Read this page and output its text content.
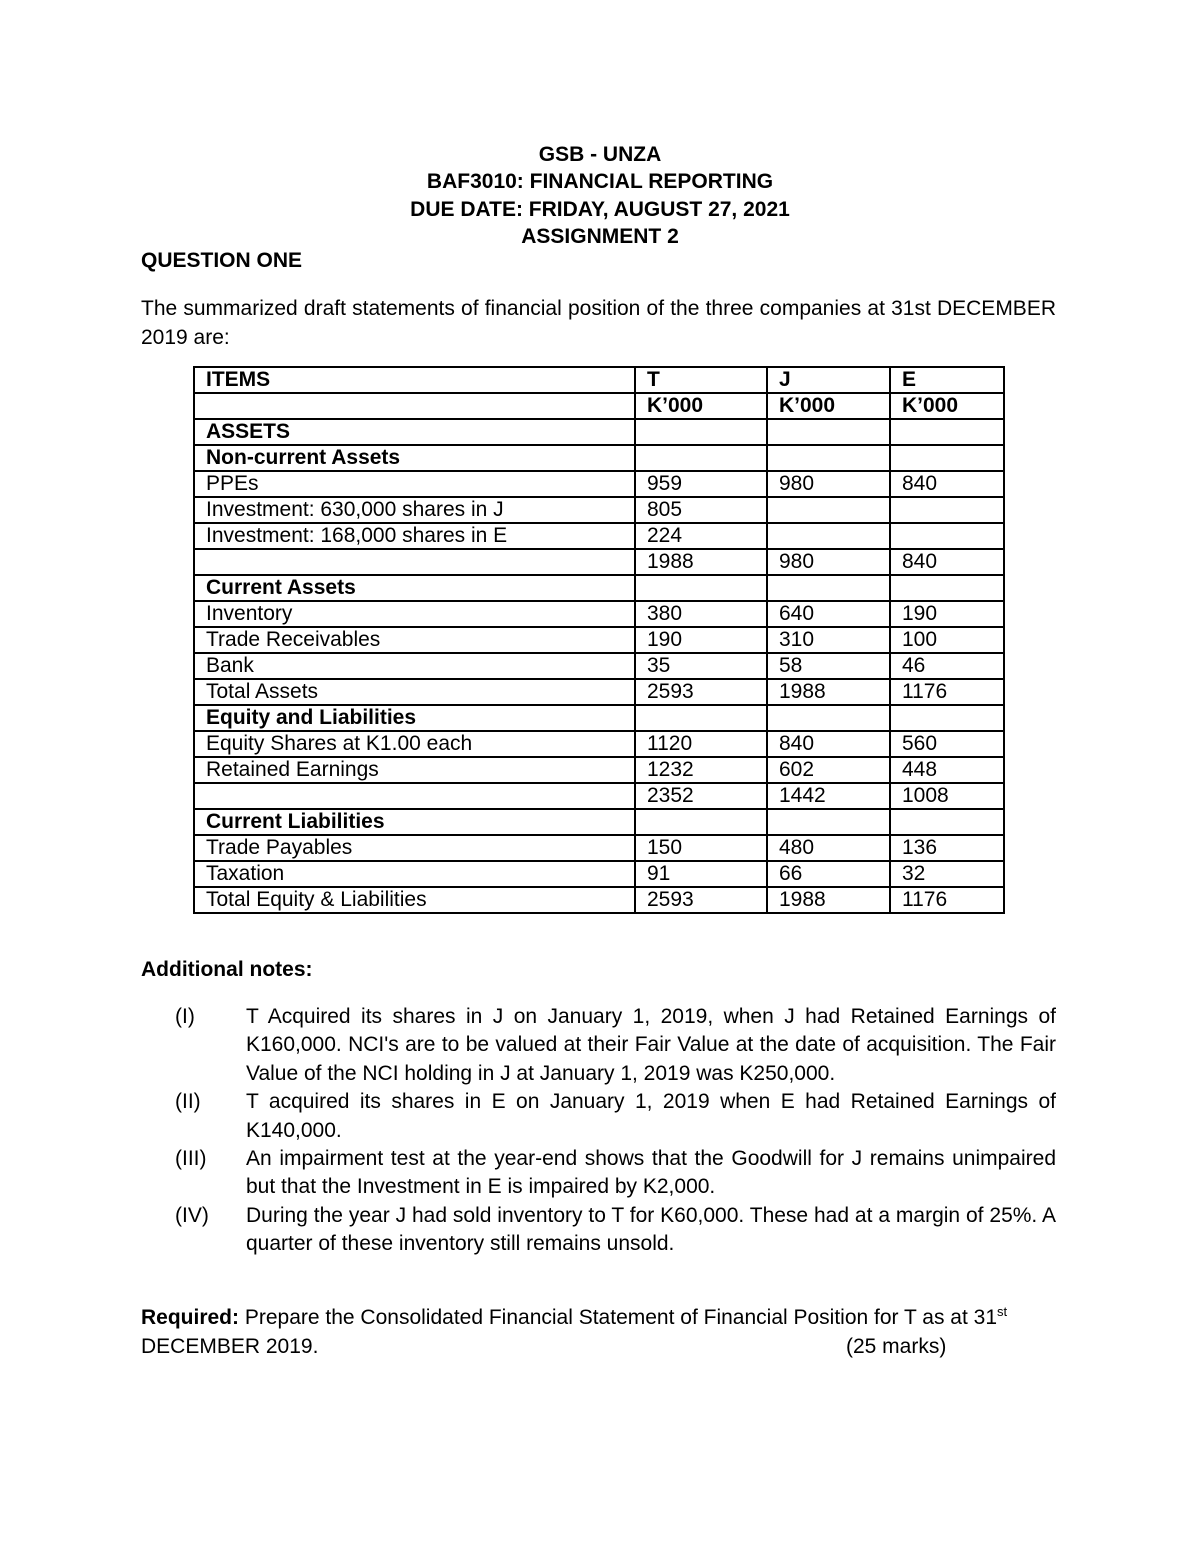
GSB - UNZA
BAF3010: FINANCIAL REPORTING
DUE DATE: FRIDAY, AUGUST 27, 2021
ASSIGNMENT 2
QUESTION ONE
The summarized draft statements of financial position of the three companies at 31st DECEMBER 2019 are:
ITEMS	T	J	E
	K’000	K’000	K’000
ASSETS			
Non-current Assets			
PPEs	959	980	840
Investment: 630,000 shares in J	805		
Investment: 168,000 shares in E	224		
	1988	980	840
Current Assets			
Inventory	380	640	190
Trade Receivables	190	310	100
Bank	35	58	46
Total Assets	2593	1988	1176
Equity and Liabilities			
Equity Shares at K1.00 each	1120	840	560
Retained Earnings	1232	602	448
	2352	1442	1008
Current Liabilities			
Trade Payables	150	480	136
Taxation	91	66	32
Total Equity & Liabilities	2593	1988	1176
Additional notes:
(I) T Acquired its shares in J on January 1, 2019, when J had Retained Earnings of K160,000. NCI's are to be valued at their Fair Value at the date of acquisition. The Fair Value of the NCI holding in J at January 1, 2019 was K250,000.
(II) T acquired its shares in E on January 1, 2019 when E had Retained Earnings of K140,000.
(III) An impairment test at the year-end shows that the Goodwill for J remains unimpaired but that the Investment in E is impaired by K2,000.
(IV) During the year J had sold inventory to T for K60,000. These had at a margin of 25%. A quarter of these inventory still remains unsold.
Required: Prepare the Consolidated Financial Statement of Financial Position for T as at 31st DECEMBER 2019.	(25 marks)
